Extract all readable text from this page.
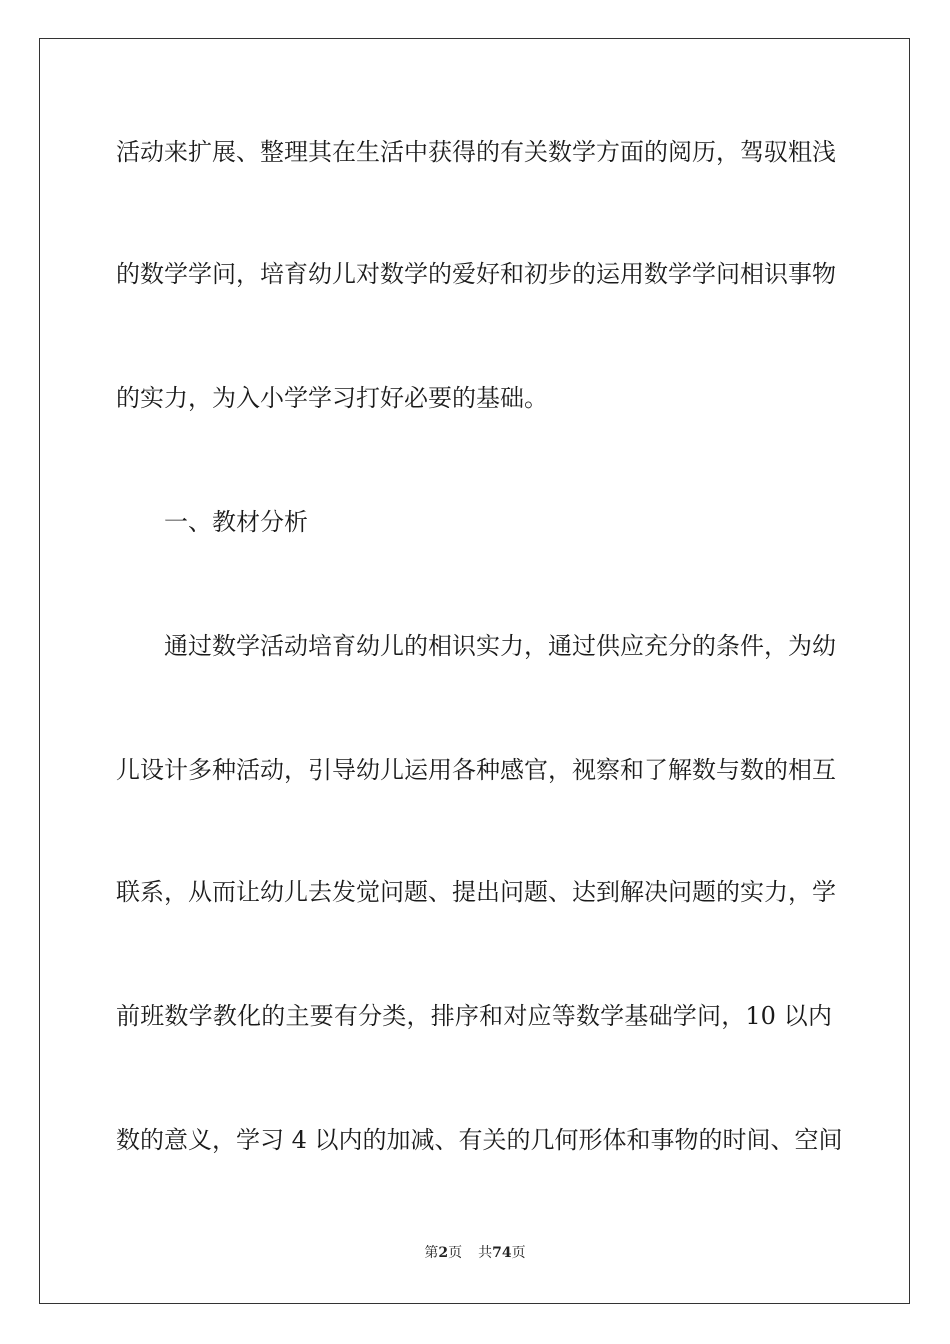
活动来扩展、整理其在生活中获得的有关数学方面的阅历，驾驭粗浅
的数学学问，培育幼儿对数学的爱好和初步的运用数学学问相识事物
的实力，为入小学学习打好必要的基础。
一、教材分析
通过数学活动培育幼儿的相识实力，通过供应充分的条件，为幼
儿设计多种活动，引导幼儿运用各种感官，视察和了解数与数的相互
联系，从而让幼儿去发觉问题、提出问题、达到解决问题的实力，学
前班数学教化的主要有分类，排序和对应等数学基础学问，10 以内
数的意义，学习 4 以内的加减、有关的几何形体和事物的时间、空间
第2页 共74页
